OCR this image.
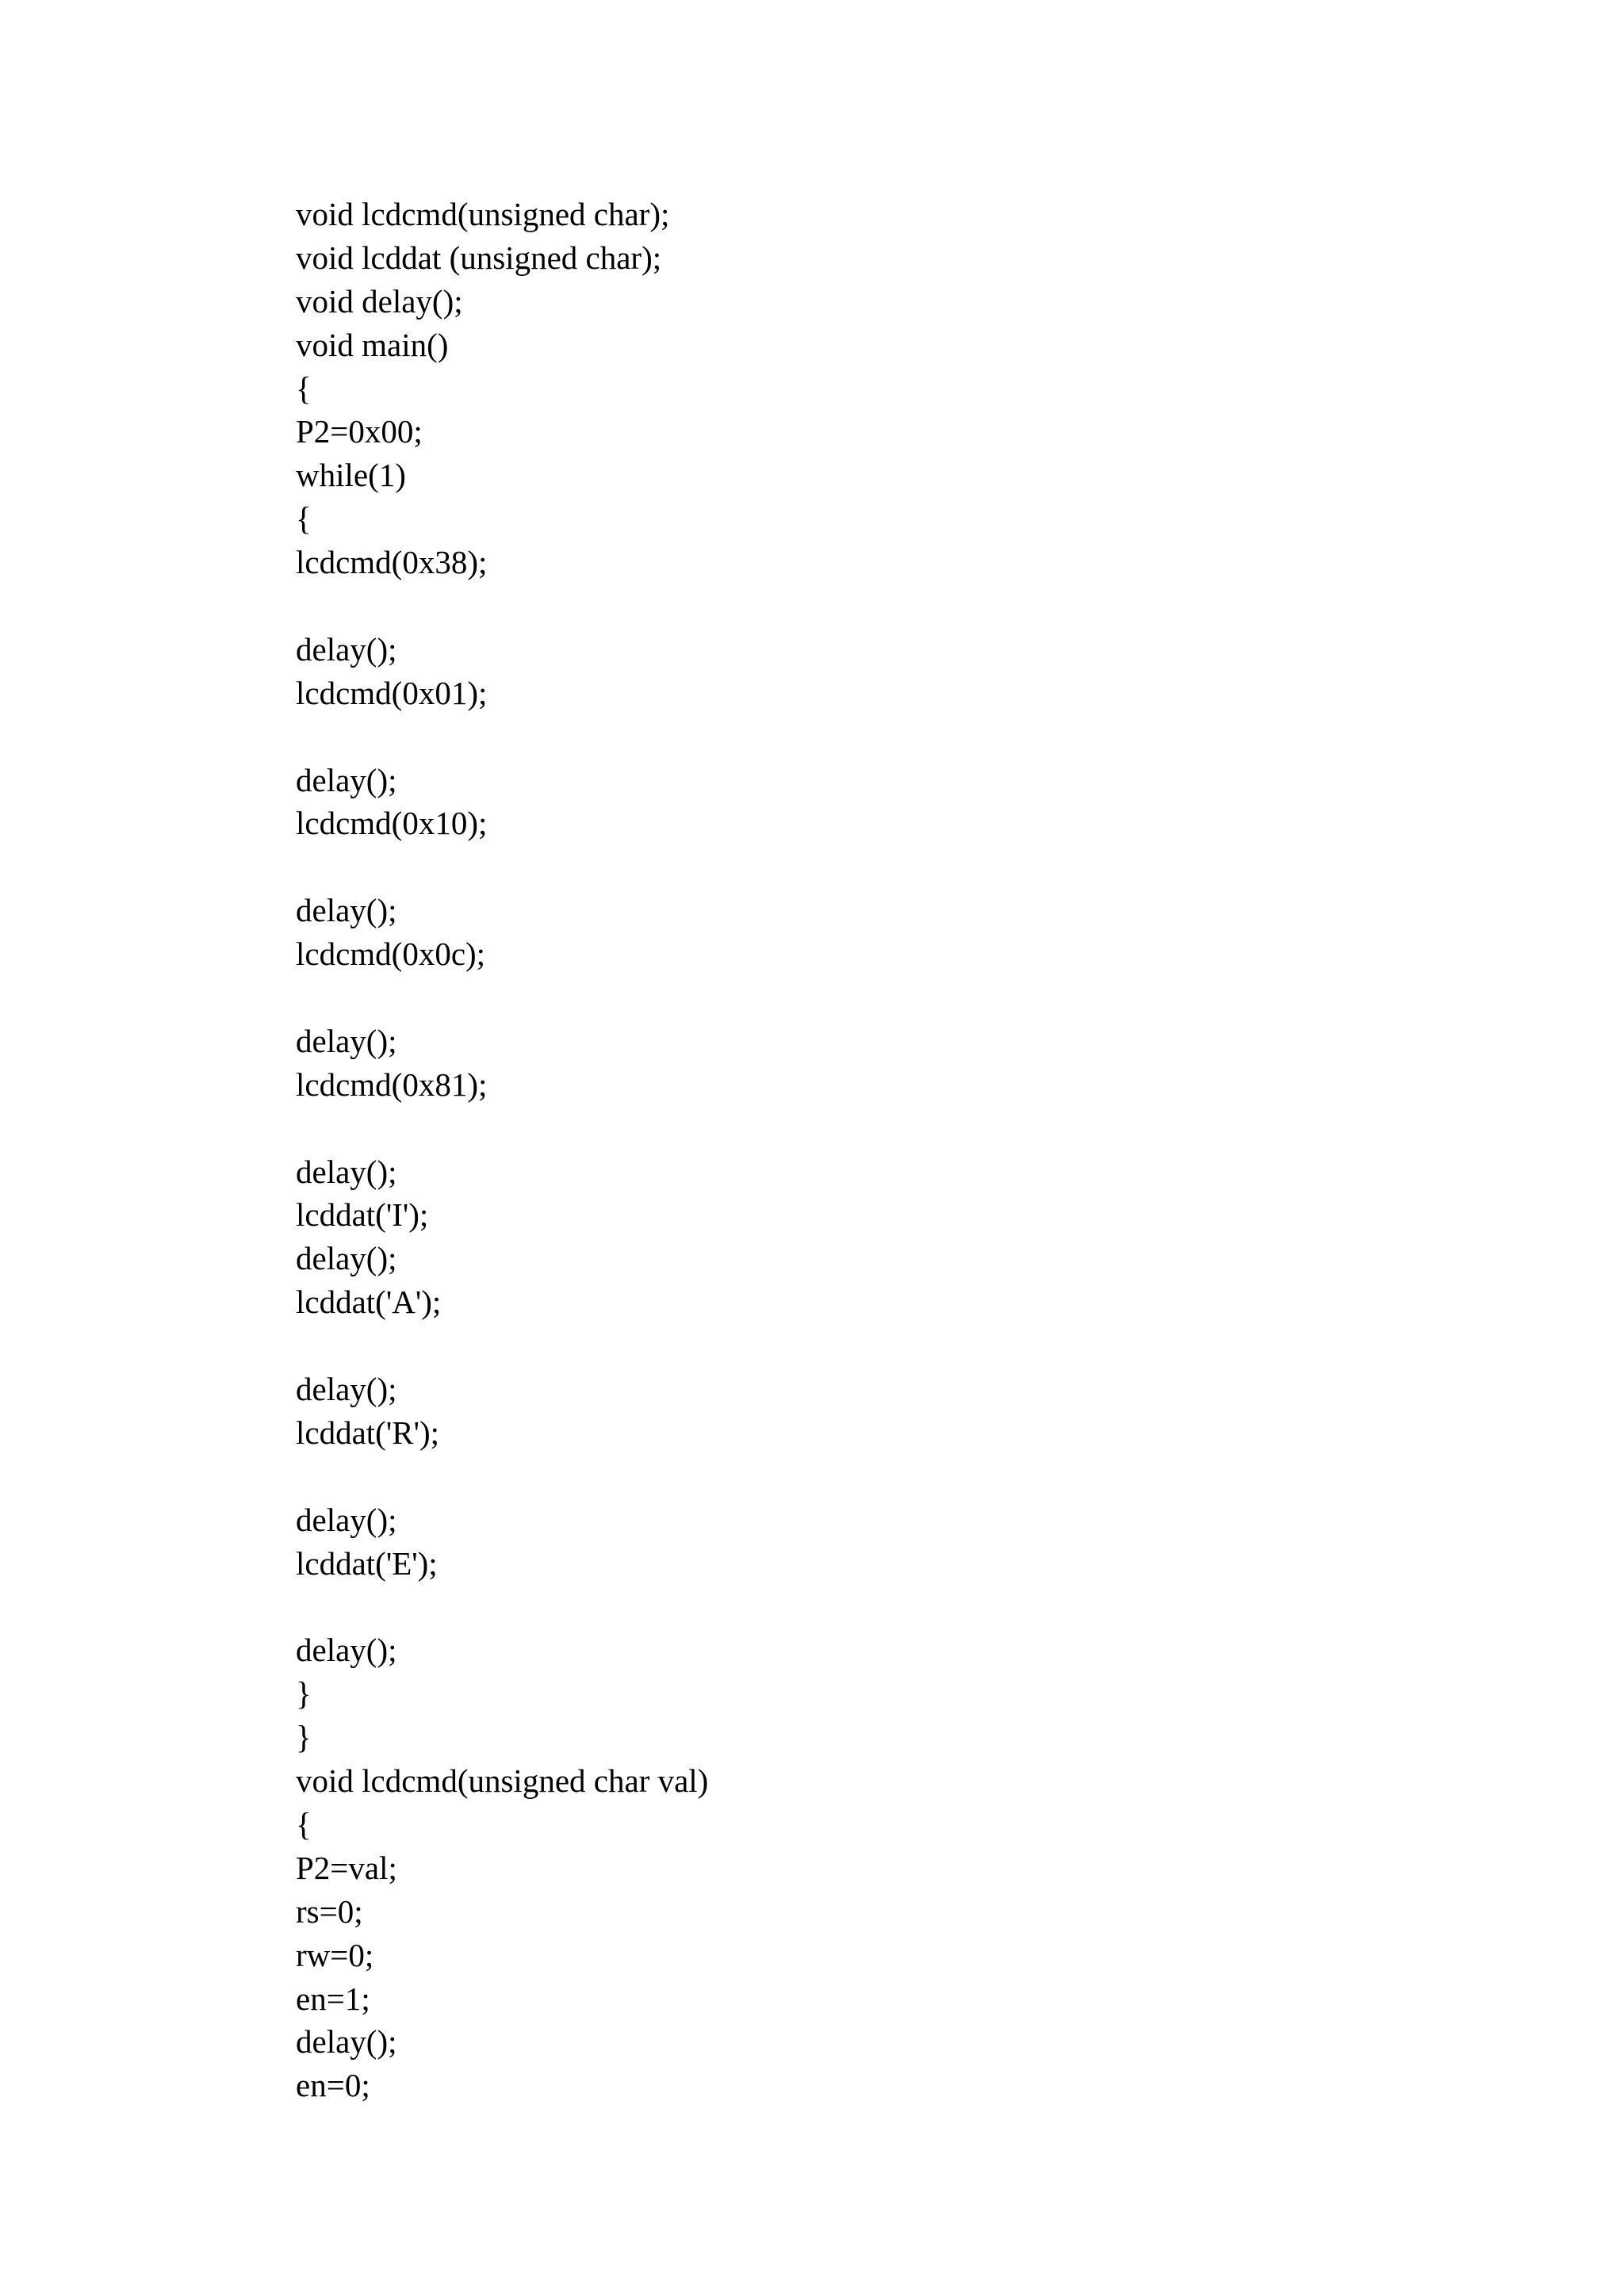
void lcdcmd(unsigned char);
void lcddat (unsigned char);
void delay();
void main()
{
P2=0x00;
while(1)
{
lcdcmd(0x38);
delay();
lcdcmd(0x01);
delay();
lcdcmd(0x10);
delay();
lcdcmd(0x0c);
delay();
lcdcmd(0x81);
delay();
lcddat('I');
delay();
lcddat('A');
delay();
lcddat('R');
delay();
lcddat('E');
delay();
}
}
void lcdcmd(unsigned char val)
{
P2=val;
rs=0;
rw=0;
en=1;
delay();
en=0;
